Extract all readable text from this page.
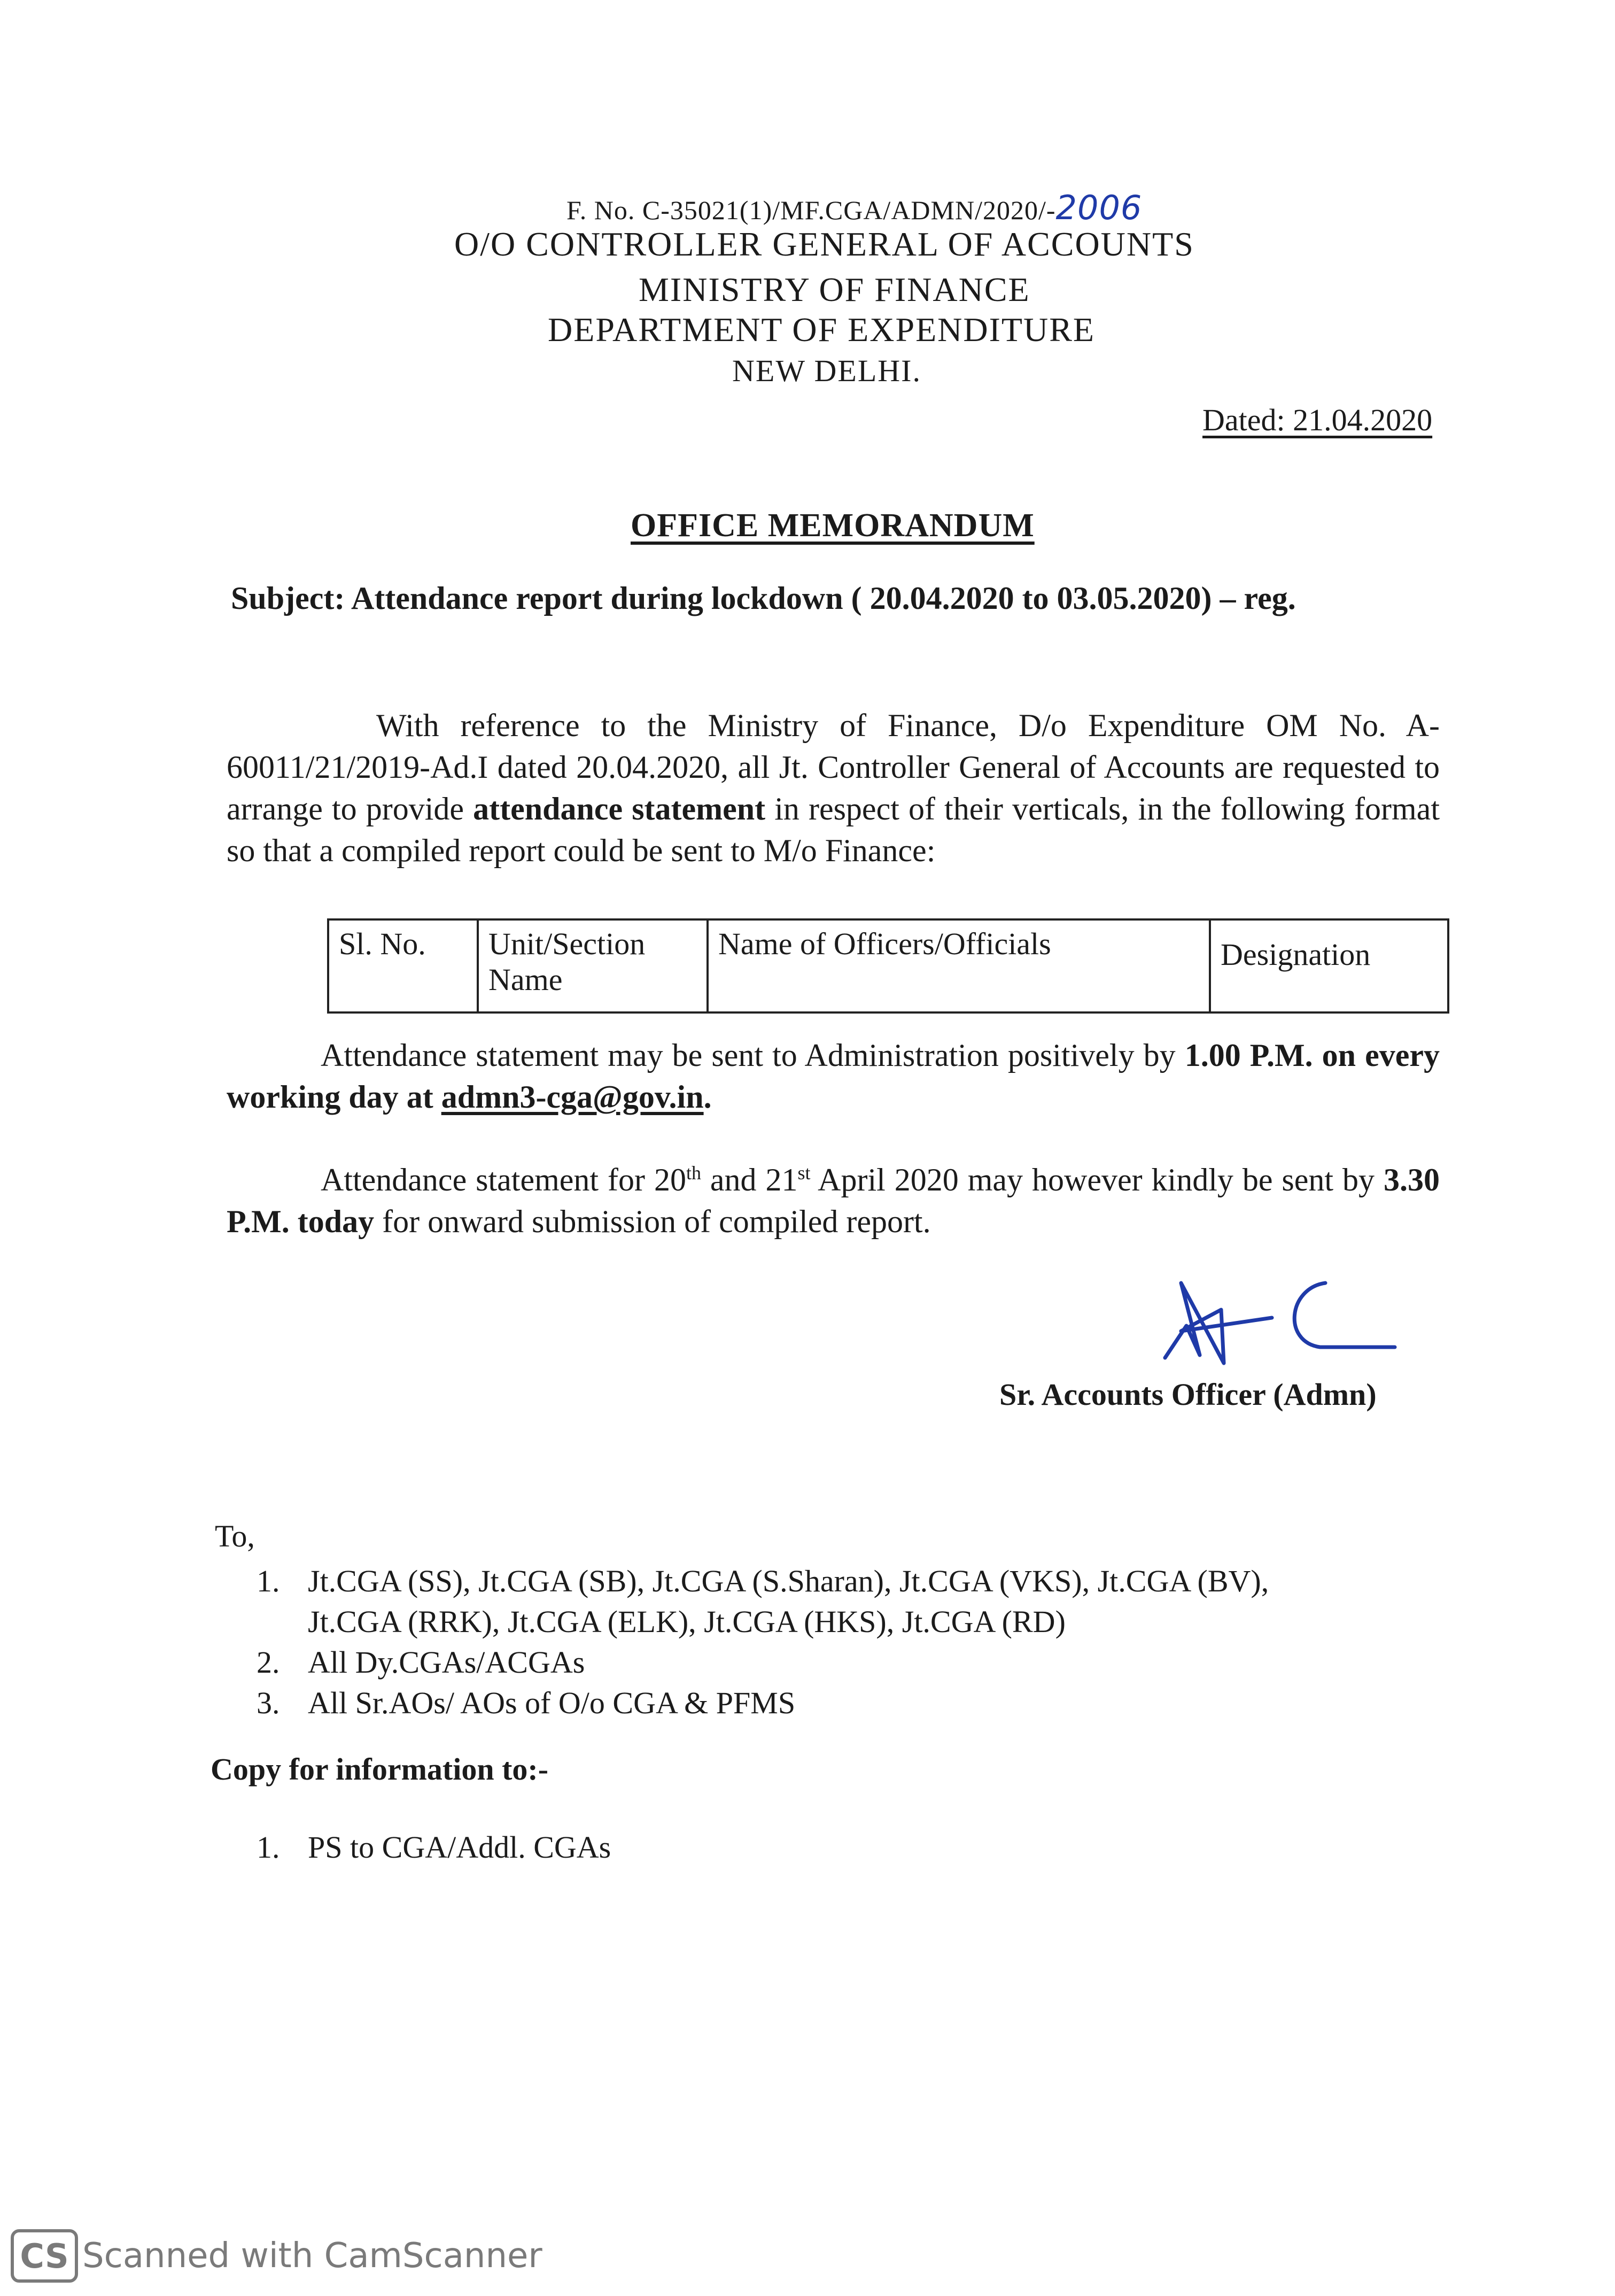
F. No. C-35021(1)/MF.CGA/ADMN/2020/-2006
O/O CONTROLLER GENERAL OF ACCOUNTS
MINISTRY OF FINANCE
DEPARTMENT OF EXPENDITURE
NEW DELHI.
Dated: 21.04.2020
OFFICE MEMORANDUM
Subject: Attendance report during lockdown ( 20.04.2020 to 03.05.2020) – reg.
With reference to the Ministry of Finance, D/o Expenditure OM No. A-60011/21/2019-Ad.I dated 20.04.2020, all Jt. Controller General of Accounts are requested to arrange to provide attendance statement in respect of their verticals, in the following format so that a compiled report could be sent to M/o Finance:
Sl. No.	Unit/Section Name	Name of Officers/Officials	Designation
Attendance statement may be sent to Administration positively by 1.00 P.M. on every working day at admn3-cga@gov.in.
Attendance statement for 20th and 21st April 2020 may however kindly be sent by 3.30 P.M. today for onward submission of compiled report.
Sr. Accounts Officer (Admn)
To,
1. Jt.CGA (SS), Jt.CGA (SB), Jt.CGA (S.Sharan), Jt.CGA (VKS), Jt.CGA (BV),
Jt.CGA (RRK), Jt.CGA (ELK), Jt.CGA (HKS), Jt.CGA (RD)
2. All Dy.CGAs/ACGAs
3. All Sr.AOs/ AOs of O/o CGA & PFMS
Copy for information to:-
1. PS to CGA/Addl. CGAs
CS Scanned with CamScanner
